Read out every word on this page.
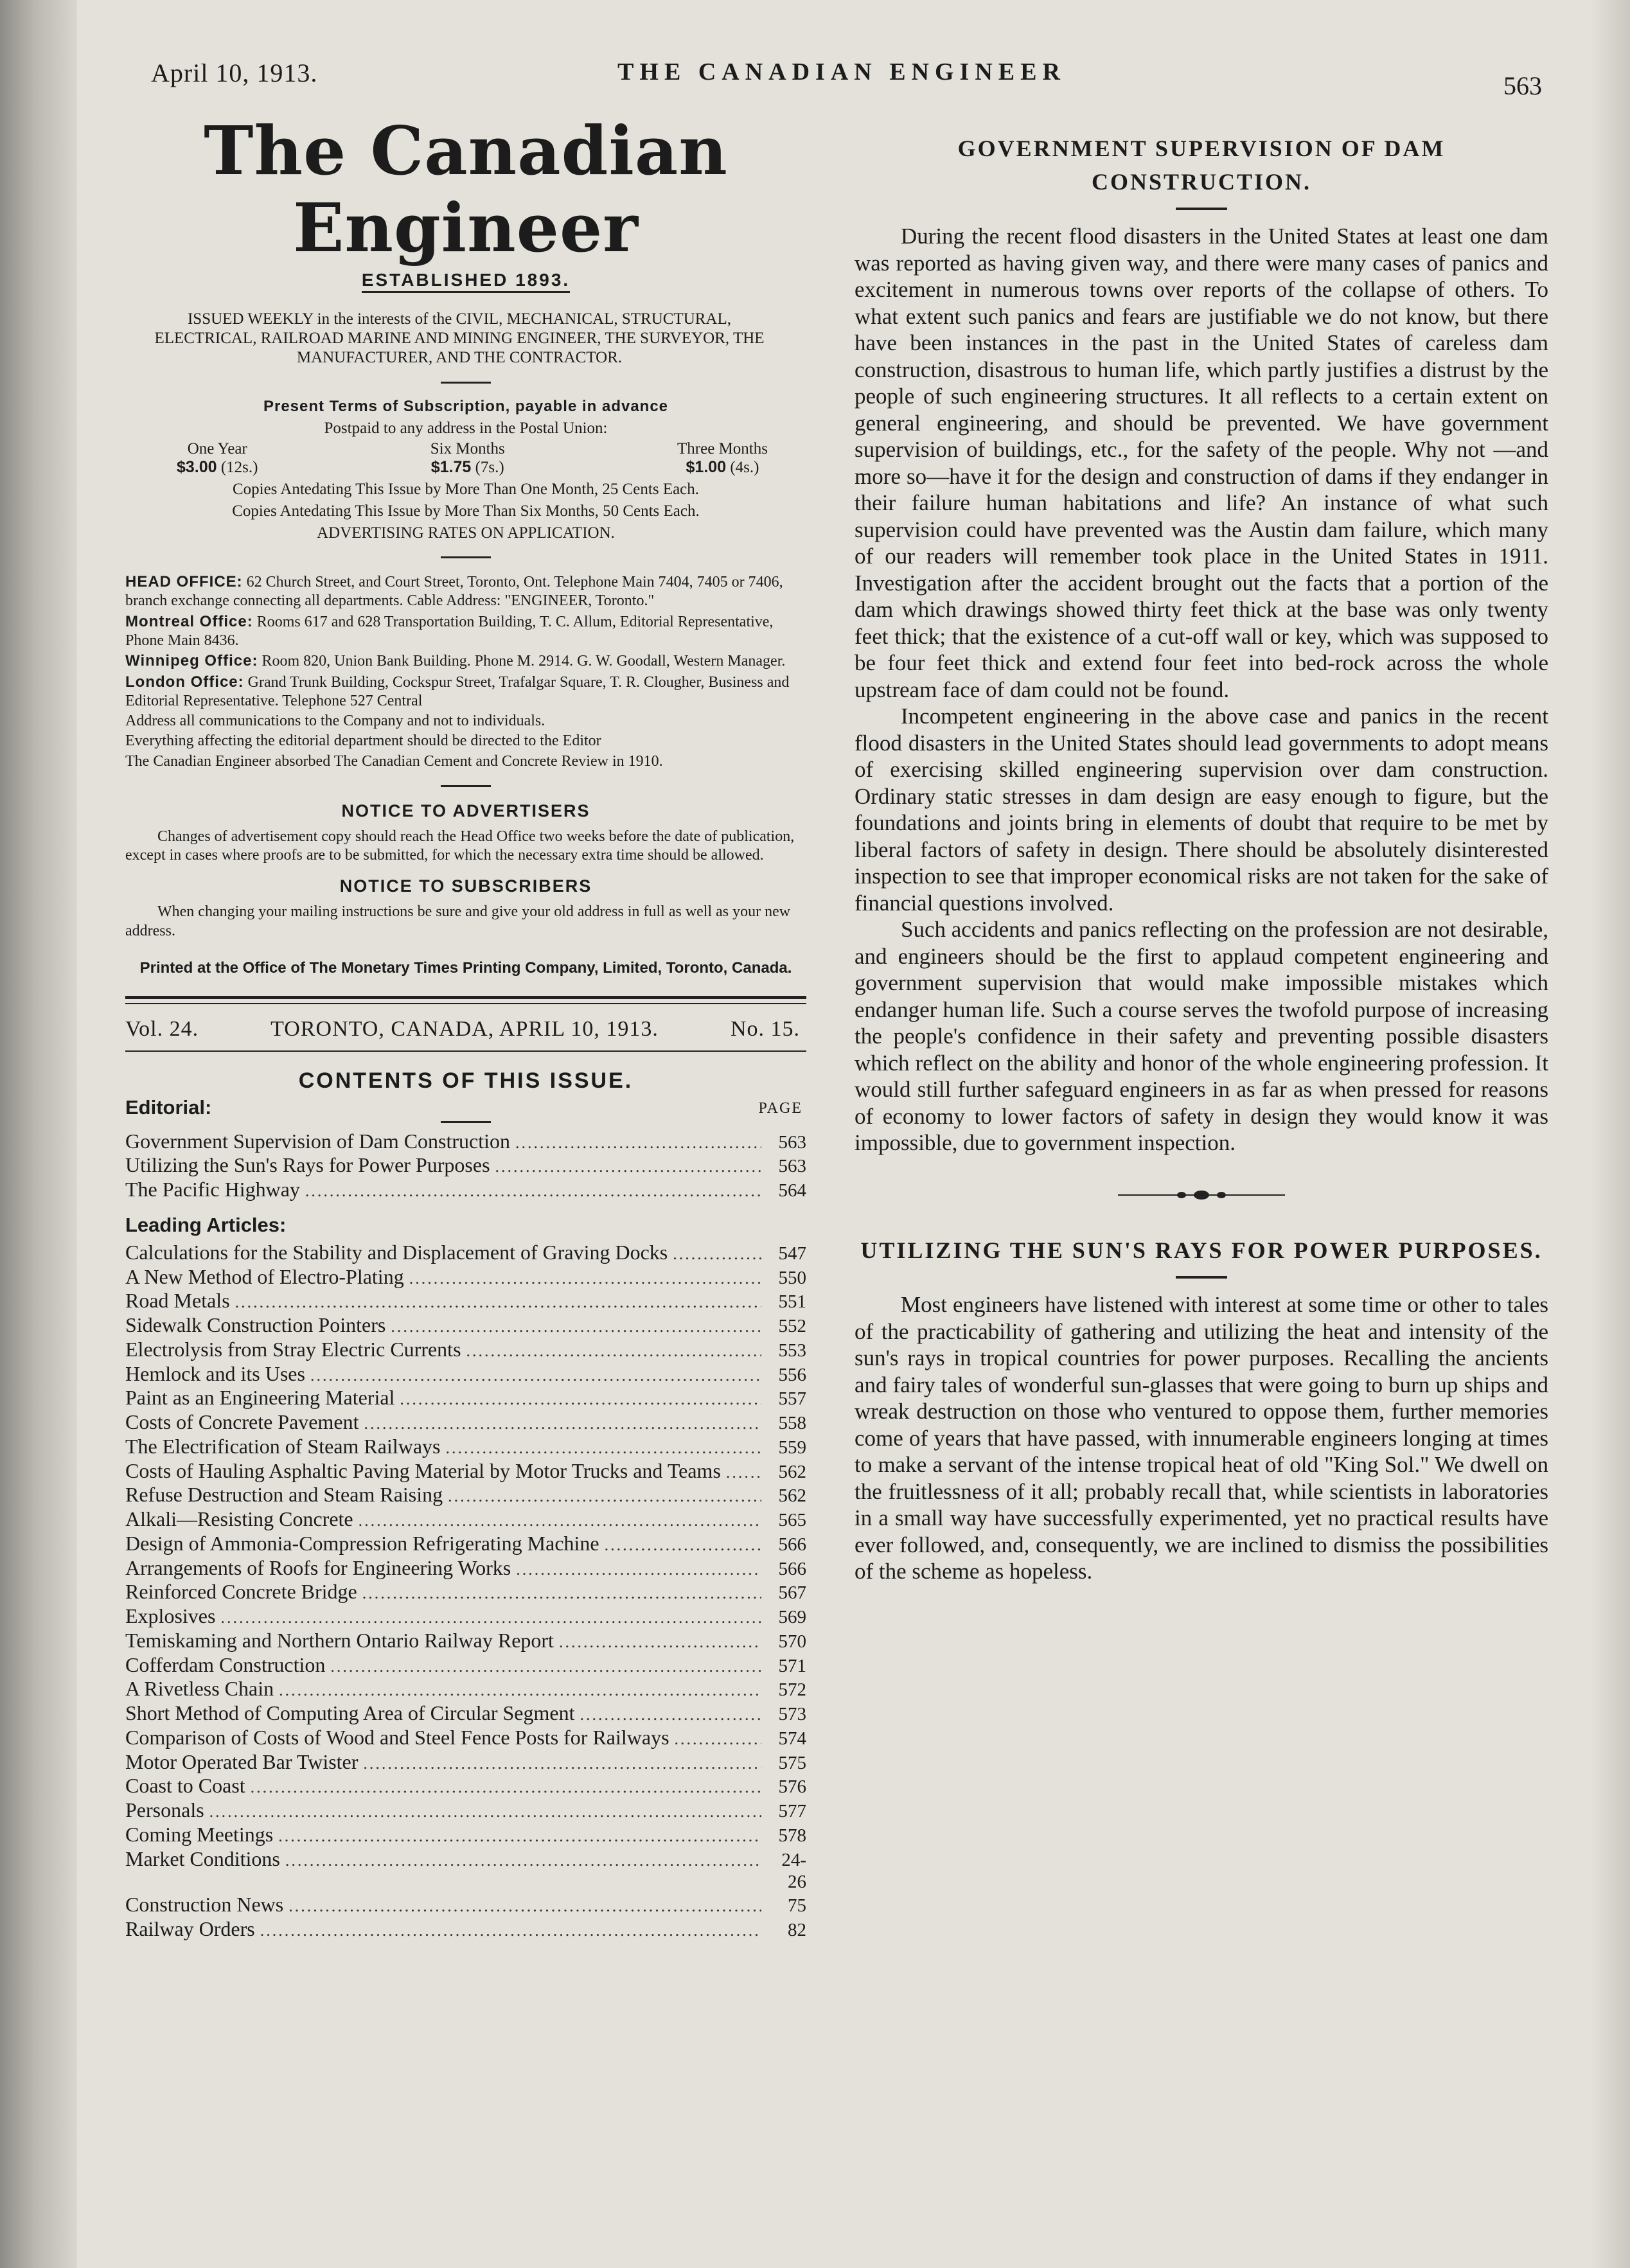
April 10, 1913.	THE CANADIAN ENGINEER	563
The Canadian Engineer
ESTABLISHED 1893.
ISSUED WEEKLY in the interests of the CIVIL, MECHANICAL, STRUCTURAL, ELECTRICAL, RAILROAD MARINE AND MINING ENGINEER, THE SURVEYOR, THE MANUFACTURER, AND THE CONTRACTOR.
Present Terms of Subscription, payable in advance
Postpaid to any address in the Postal Union:
One Year
$3.00 (12s.)
Six Months
$1.75 (7s.)
Three Months
$1.00 (4s.)
Copies Antedating This Issue by More Than One Month, 25 Cents Each.
Copies Antedating This Issue by More Than Six Months, 50 Cents Each.
ADVERTISING RATES ON APPLICATION.

HEAD OFFICE: 62 Church Street, and Court Street, Toronto, Ont. Telephone Main 7404, 7405 or 7406, branch exchange connecting all departments. Cable Address: "ENGINEER, Toronto."

Montreal Office: Rooms 617 and 628 Transportation Building, T. C. Allum, Editorial Representative, Phone Main 8436.

Winnipeg Office: Room 820, Union Bank Building. Phone M. 2914. G. W. Goodall, Western Manager.

London Office: Grand Trunk Building, Cockspur Street, Trafalgar Square, T. R. Clougher, Business and Editorial Representative. Telephone 527 Central

Address all communications to the Company and not to individuals.

Everything affecting the editorial department should be directed to the Editor

The Canadian Engineer absorbed The Canadian Cement and Concrete Review in 1910.

NOTICE TO ADVERTISERS
Changes of advertisement copy should reach the Head Office two weeks before the date of publication, except in cases where proofs are to be submitted, for which the necessary extra time should be allowed.
NOTICE TO SUBSCRIBERS
When changing your mailing instructions be sure and give your old address in full as well as your new address.
Printed at the Office of The Monetary Times Printing Company, Limited, Toronto, Canada.
Vol. 24.	TORONTO, CANADA, APRIL 10, 1913.	No. 15.
CONTENTS OF THIS ISSUE.
Editorial:	PAGE
Government Supervision of Dam Construction .....	563
Utilizing the Sun's Rays for Power Purposes .....	563
The Pacific Highway .....	564
Leading Articles:
Calculations for the Stability and Displacement of Graving Docks .....	547
A New Method of Electro-Plating .....	550
Road Metals .....	551
Sidewalk Construction Pointers .....	552
Electrolysis from Stray Electric Currents .....	553
Hemlock and its Uses .....	556
Paint as an Engineering Material .....	557
Costs of Concrete Pavement .....	558
The Electrification of Steam Railways .....	559
Costs of Hauling Asphaltic Paving Material by Motor Trucks and Teams .....	562
Refuse Destruction and Steam Raising .....	562
Alkali—Resisting Concrete .....	565
Design of Ammonia-Compression Refrigerating Machine .....	566
Arrangements of Roofs for Engineering Works .....	566
Reinforced Concrete Bridge .....	567
Explosives .....	569
Temiskaming and Northern Ontario Railway Report .....	570
Cofferdam Construction .....	571
A Rivetless Chain .....	572
Short Method of Computing Area of Circular Segment .....	573
Comparison of Costs of Wood and Steel Fence Posts for Railways .....	574
Motor Operated Bar Twister .....	575
Coast to Coast .....	576
Personals .....	577
Coming Meetings .....	578
Market Conditions .....	24-26
Construction News .....	75
Railway Orders .....	82
GOVERNMENT SUPERVISION OF DAM CONSTRUCTION.

During the recent flood disasters in the United States at least one dam was reported as having given way, and there were many cases of panics and excitement in numerous towns over reports of the collapse of others. To what extent such panics and fears are justifiable we do not know, but there have been instances in the past in the United States of careless dam construction, disastrous to human life, which partly justifies a distrust by the people of such engineering structures. It all reflects to a certain extent on general engineering, and should be prevented. We have government supervision of buildings, etc., for the safety of the people. Why not —and more so—have it for the design and construction of dams if they endanger in their failure human habitations and life? An instance of what such supervision could have prevented was the Austin dam failure, which many of our readers will remember took place in the United States in 1911. Investigation after the accident brought out the facts that a portion of the dam which drawings showed thirty feet thick at the base was only twenty feet thick; that the existence of a cut-off wall or key, which was supposed to be four feet thick and extend four feet into bed-rock across the whole upstream face of dam could not be found.

Incompetent engineering in the above case and panics in the recent flood disasters in the United States should lead governments to adopt means of exercising skilled engineering supervision over dam construction. Ordinary static stresses in dam design are easy enough to figure, but the foundations and joints bring in elements of doubt that require to be met by liberal factors of safety in design. There should be absolutely disinterested inspection to see that improper economical risks are not taken for the sake of financial questions involved.

Such accidents and panics reflecting on the profession are not desirable, and engineers should be the first to applaud competent engineering and government supervision that would make impossible mistakes which endanger human life. Such a course serves the twofold purpose of increasing the people's confidence in their safety and preventing possible disasters which reflect on the ability and honor of the whole engineering profession. It would still further safeguard engineers in as far as when pressed for reasons of economy to lower factors of safety in design they would know it was impossible, due to government inspection.

UTILIZING THE SUN'S RAYS FOR POWER PURPOSES.

Most engineers have listened with interest at some time or other to tales of the practicability of gathering and utilizing the heat and intensity of the sun's rays in tropical countries for power purposes. Recalling the ancients and fairy tales of wonderful sun-glasses that were going to burn up ships and wreak destruction on those who ventured to oppose them, further memories come of years that have passed, with innumerable engineers longing at times to make a servant of the intense tropical heat of old "King Sol." We dwell on the fruitlessness of it all; probably recall that, while scientists in laboratories in a small way have successfully experimented, yet no practical results have ever followed, and, consequently, we are inclined to dismiss the possibilities of the scheme as hopeless.
